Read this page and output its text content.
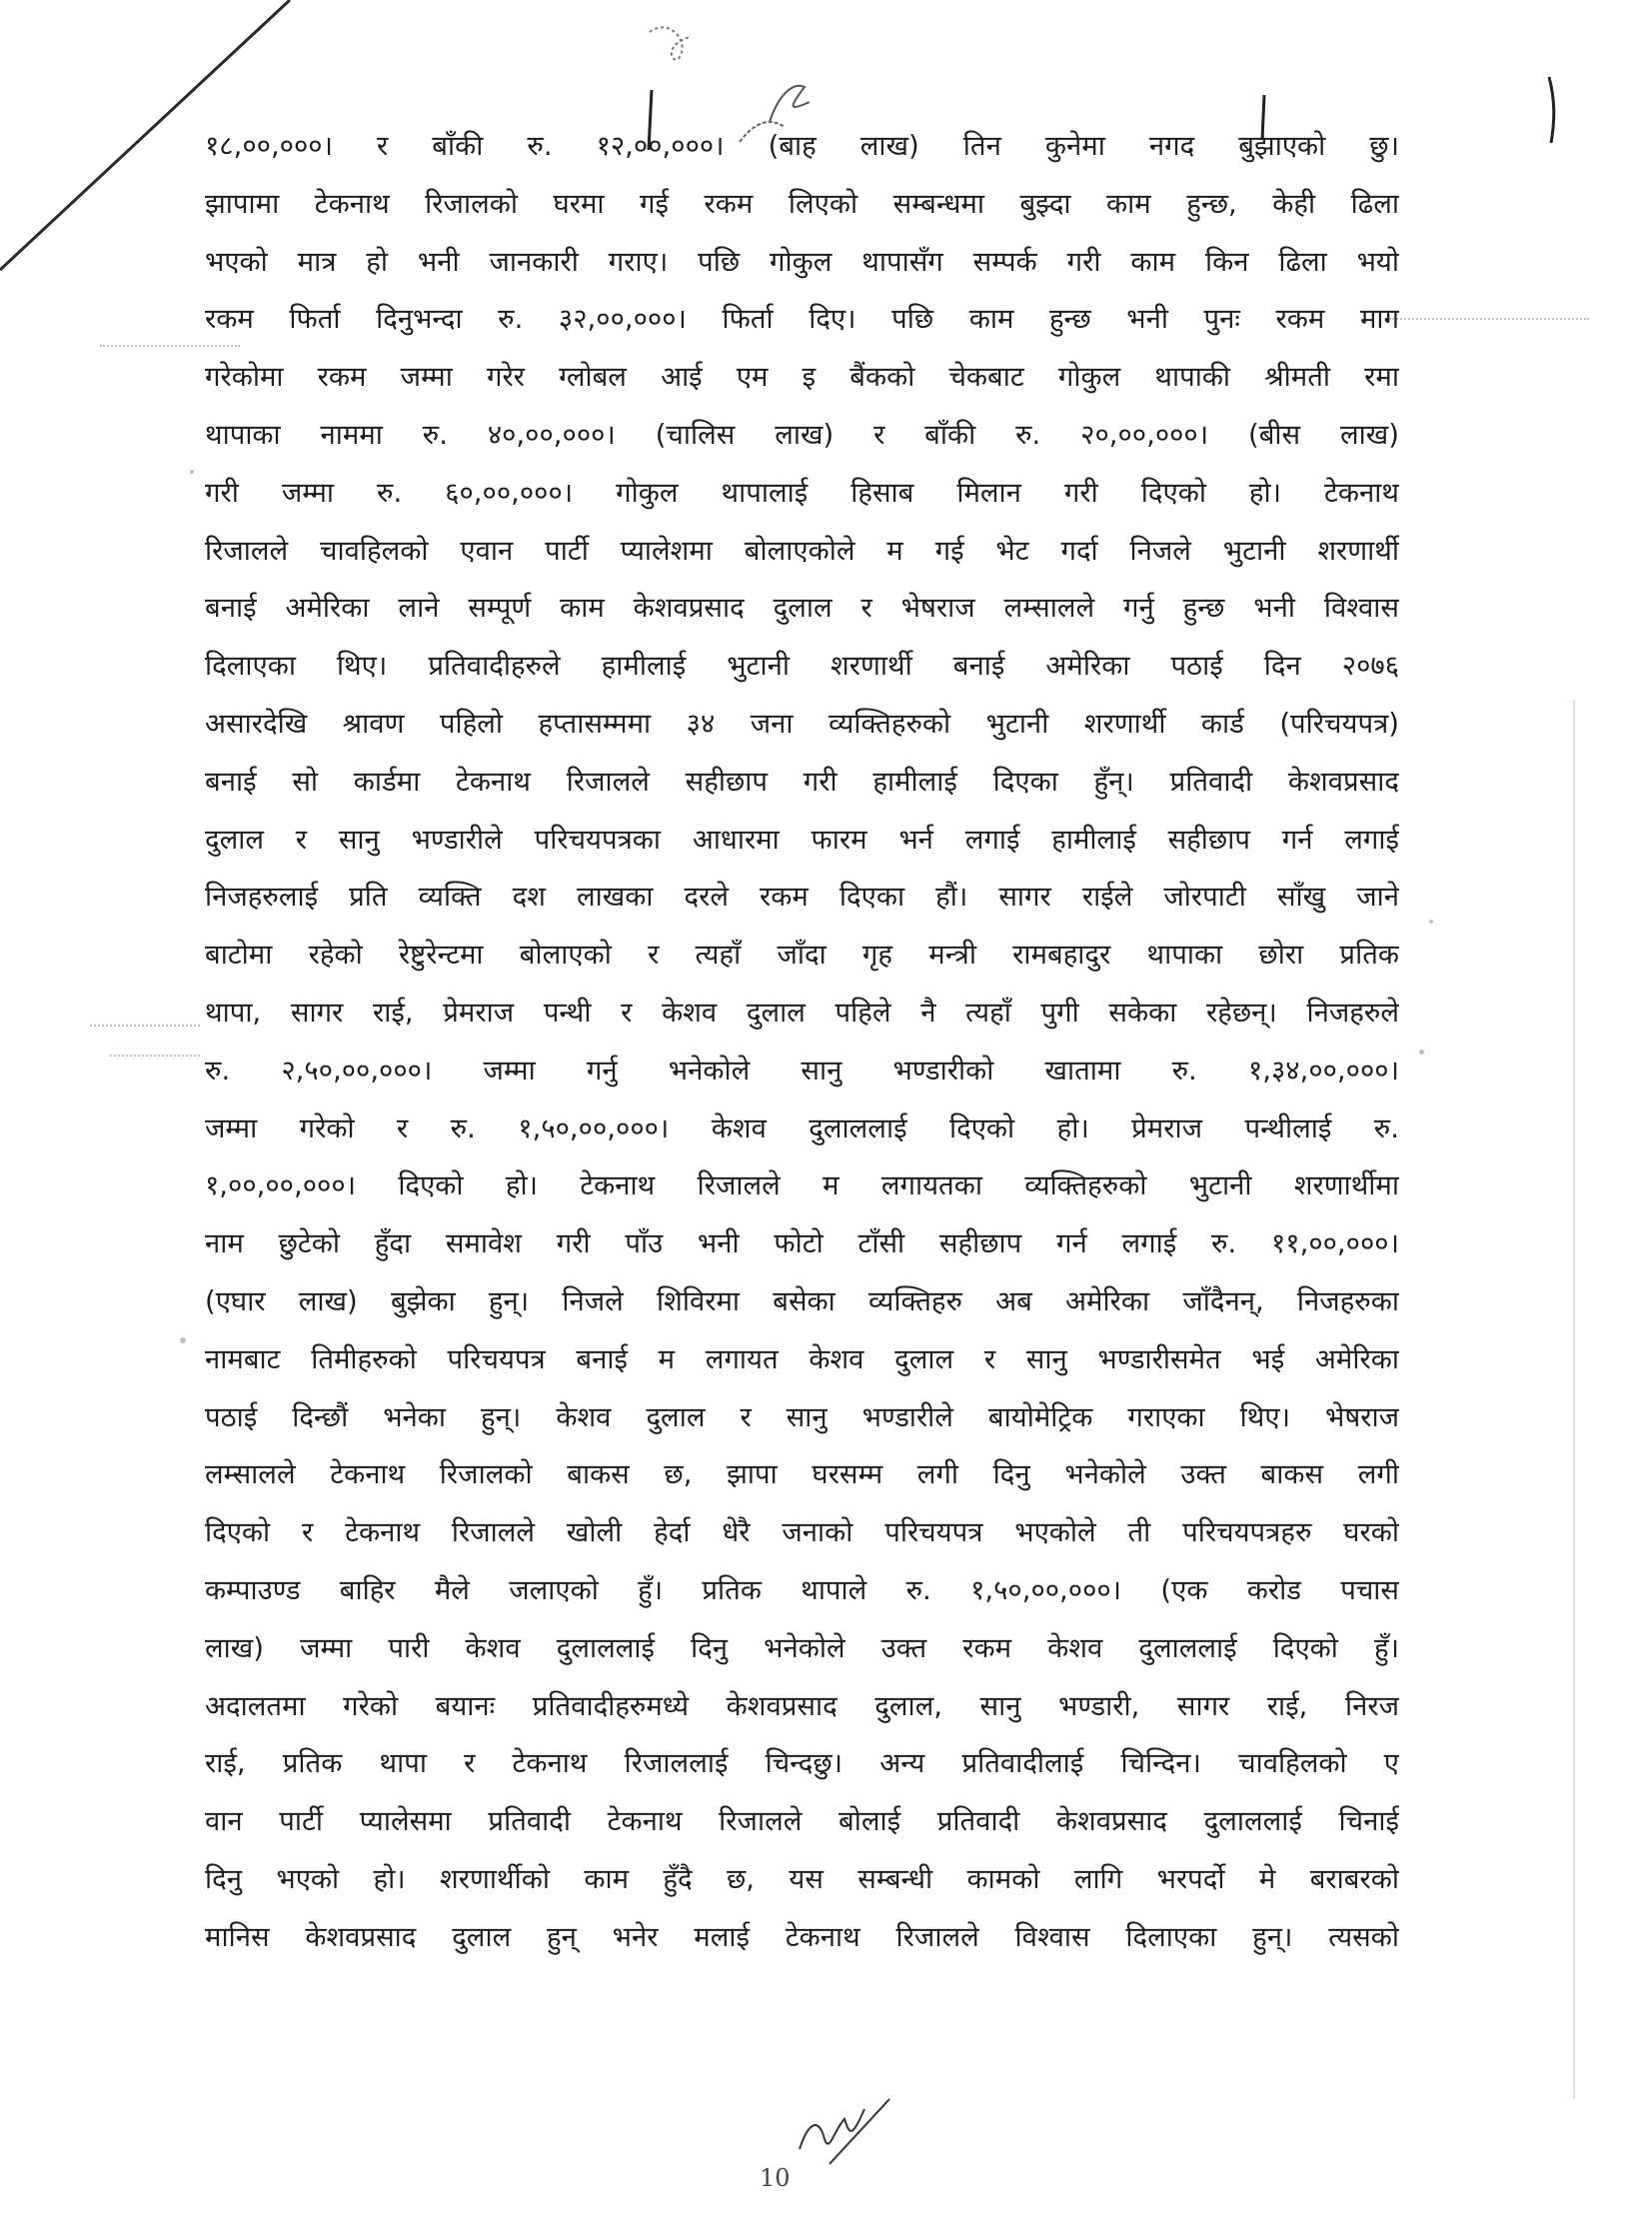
१८,००,०००। र बाँकी रु. १२,००,०००। (बाह लाख) तिन कुनेमा नगद बुझाएको छु।
झापामा टेकनाथ रिजालको घरमा गई रकम लिएको सम्बन्धमा बुझ्दा काम हुन्छ, केही ढिला
भएको मात्र हो भनी जानकारी गराए। पछि गोकुल थापासँग सम्पर्क गरी काम किन ढिला भयो
रकम फिर्ता दिनुभन्दा रु. ३२,००,०००। फिर्ता दिए। पछि काम हुन्छ भनी पुनः रकम माग
गरेकोमा रकम जम्मा गरेर ग्लोबल आई एम इ बैंकको चेकबाट गोकुल थापाकी श्रीमती रमा
थापाका नाममा रु. ४०,००,०००। (चालिस लाख) र बाँकी रु. २०,००,०००। (बीस लाख)
गरी जम्मा रु. ६०,००,०००। गोकुल थापालाई हिसाब मिलान गरी दिएको हो। टेकनाथ
रिजालले चावहिलको एवान पार्टी प्यालेशमा बोलाएकोले म गई भेट गर्दा निजले भुटानी शरणार्थी
बनाई अमेरिका लाने सम्पूर्ण काम केशवप्रसाद दुलाल र भेषराज लम्सालले गर्नु हुन्छ भनी विश्वास
दिलाएका थिए। प्रतिवादीहरुले हामीलाई भुटानी शरणार्थी बनाई अमेरिका पठाई दिन २०७६
असारदेखि श्रावण पहिलो हप्तासम्ममा ३४ जना व्यक्तिहरुको भुटानी शरणार्थी कार्ड (परिचयपत्र)
बनाई सो कार्डमा टेकनाथ रिजालले सहीछाप गरी हामीलाई दिएका हुँन्। प्रतिवादी केशवप्रसाद
दुलाल र सानु भण्डारीले परिचयपत्रका आधारमा फारम भर्न लगाई हामीलाई सहीछाप गर्न लगाई
निजहरुलाई प्रति व्यक्ति दश लाखका दरले रकम दिएका हौं। सागर राईले जोरपाटी साँखु जाने
बाटोमा रहेको रेष्टुरेन्टमा बोलाएको र त्यहाँ जाँदा गृह मन्त्री रामबहादुर थापाका छोरा प्रतिक
थापा, सागर राई, प्रेमराज पन्थी र केशव दुलाल पहिले नै त्यहाँ पुगी सकेका रहेछन्। निजहरुले
रु. २,५०,००,०००। जम्मा गर्नु भनेकोले सानु भण्डारीको खातामा रु. १,३४,००,०००।
जम्मा गरेको र रु. १,५०,००,०००। केशव दुलाललाई दिएको हो। प्रेमराज पन्थीलाई रु.
१,००,००,०००। दिएको हो। टेकनाथ रिजालले म लगायतका व्यक्तिहरुको भुटानी शरणार्थीमा
नाम छुटेको हुँदा समावेश गरी पाँउ भनी फोटो टाँसी सहीछाप गर्न लगाई रु. ११,००,०००।
(एघार लाख) बुझेका हुन्। निजले शिविरमा बसेका व्यक्तिहरु अब अमेरिका जाँदैनन्, निजहरुका
नामबाट तिमीहरुको परिचयपत्र बनाई म लगायत केशव दुलाल र सानु भण्डारीसमेत भई अमेरिका
पठाई दिन्छौं भनेका हुन्। केशव दुलाल र सानु भण्डारीले बायोमेट्रिक गराएका थिए। भेषराज
लम्सालले टेकनाथ रिजालको बाकस छ, झापा घरसम्म लगी दिनु भनेकोले उक्त बाकस लगी
दिएको र टेकनाथ रिजालले खोली हेर्दा धेरै जनाको परिचयपत्र भएकोले ती परिचयपत्रहरु घरको
कम्पाउण्ड बाहिर मैले जलाएको हुँ। प्रतिक थापाले रु. १,५०,००,०००। (एक करोड पचास
लाख) जम्मा पारी केशव दुलाललाई दिनु भनेकोले उक्त रकम केशव दुलाललाई दिएको हुँ।
अदालतमा गरेको बयानः प्रतिवादीहरुमध्ये केशवप्रसाद दुलाल, सानु भण्डारी, सागर राई, निरज
राई, प्रतिक थापा र टेकनाथ रिजाललाई चिन्दछु। अन्य प्रतिवादीलाई चिन्दिन। चावहिलको ए
वान पार्टी प्यालेसमा प्रतिवादी टेकनाथ रिजालले बोलाई प्रतिवादी केशवप्रसाद दुलाललाई चिनाई
दिनु भएको हो। शरणार्थीको काम हुँदै छ, यस सम्बन्धी कामको लागि भरपर्दो मे बराबरको
मानिस केशवप्रसाद दुलाल हुन् भनेर मलाई टेकनाथ रिजालले विश्वास दिलाएका हुन्। त्यसको
10
